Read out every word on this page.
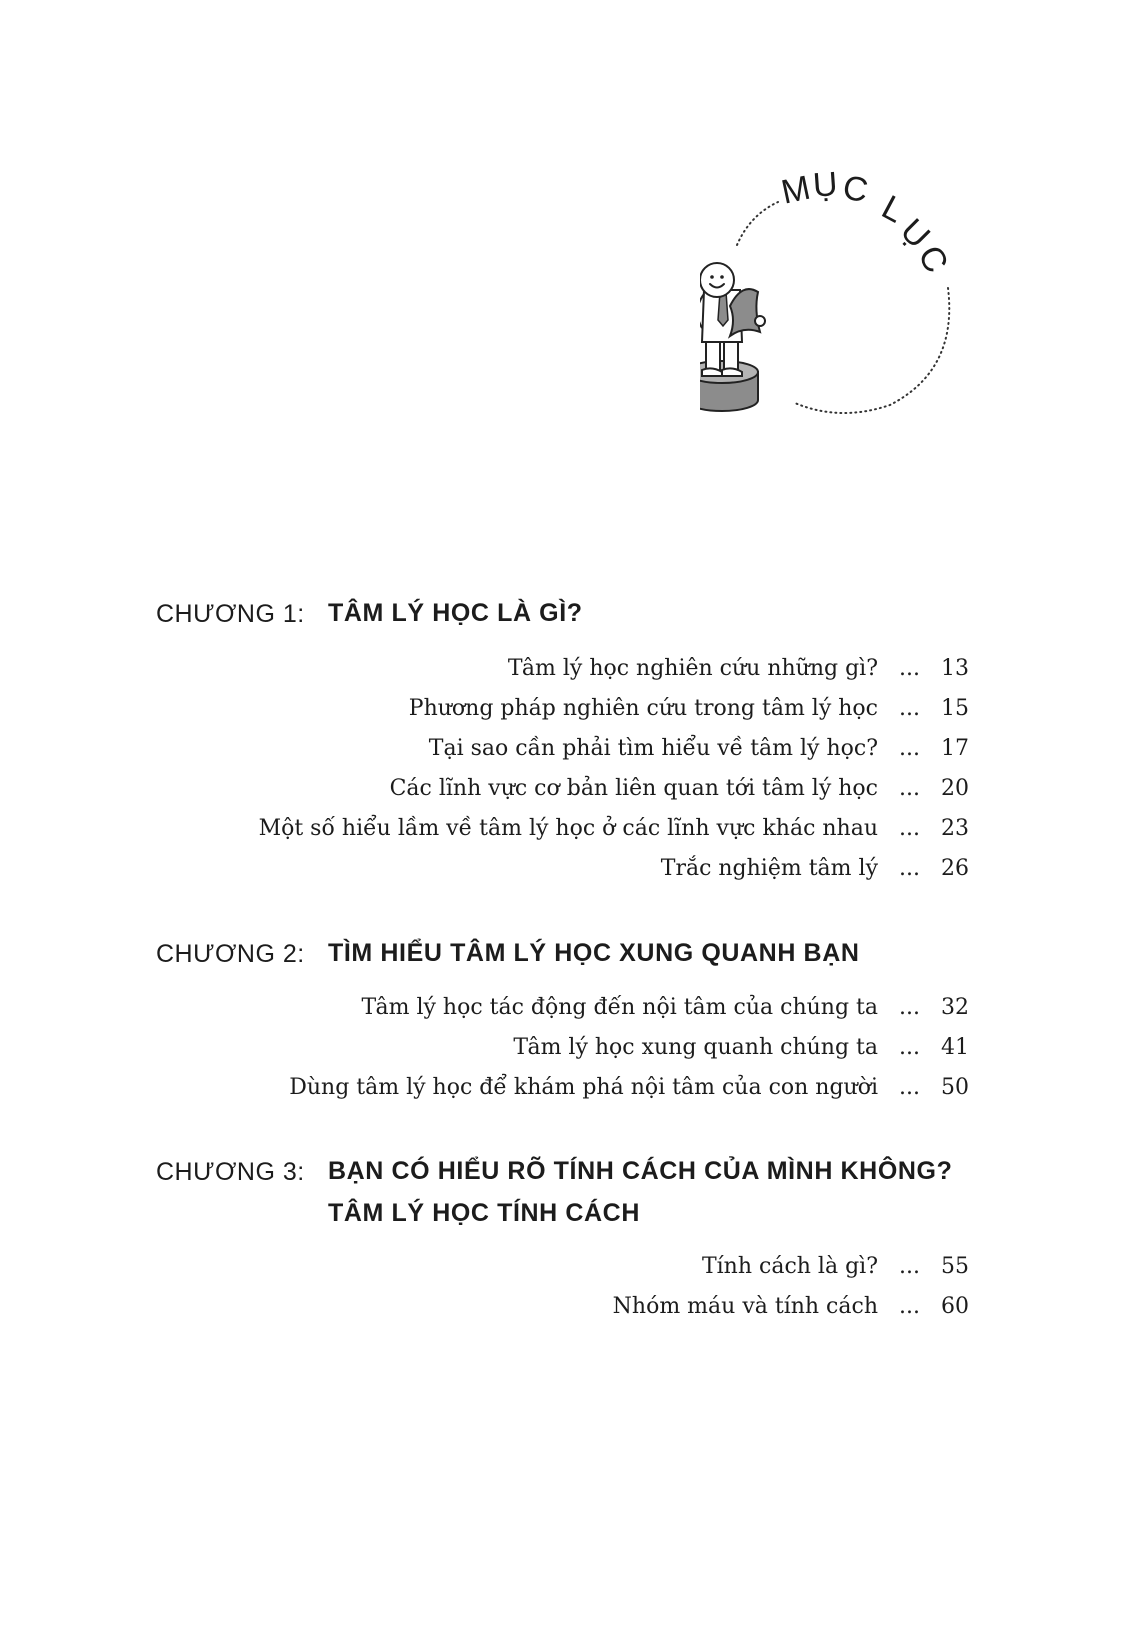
M
Ụ C L
Ụ
C
CHƯƠNG 1: TÂM LÝ HỌC LÀ GÌ?
Tâm lý học nghiên cứu những gì? ... 13
Phương pháp nghiên cứu trong tâm lý học ... 15
Tại sao cần phải tìm hiểu về tâm lý học? ... 17
Các lĩnh vực cơ bản liên quan tới tâm lý học ... 20
Một số hiểu lầm về tâm lý học ở các lĩnh vực khác nhau ... 23
Trắc nghiệm tâm lý ... 26
CHƯƠNG 2: TÌM HIỂU TÂM LÝ HỌC XUNG QUANH BẠN
Tâm lý học tác động đến nội tâm của chúng ta ... 32
Tâm lý học xung quanh chúng ta ... 41
Dùng tâm lý học để khám phá nội tâm của con người ... 50
CHƯƠNG 3: BẠN CÓ HIỂU RÕ TÍNH CÁCH CỦA MÌNH KHÔNG?
TÂM LÝ HỌC TÍNH CÁCH
Tính cách là gì? ... 55
Nhóm máu và tính cách ... 60
